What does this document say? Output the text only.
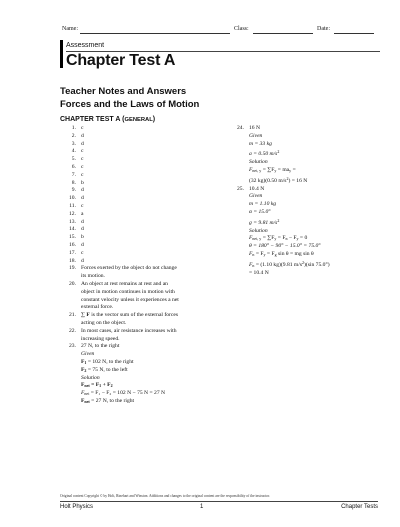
Name:	Class:	Date:
Assessment
Chapter Test A
Teacher Notes and Answers
Forces and the Laws of Motion
CHAPTER TEST A (GENERAL)
1. c
2. d
3. d
4. c
5. c
6. c
7. c
8. b
9. d
10. d
11. c
12. a
13. d
14. d
15. b
16. d
17. c
18. d
19. Forces exerted by the object do not change
its motion.
20. An object at rest remains at rest and an
object in motion continues in motion with
constant velocity unless it experiences a net
external force.
21. ∑ F is the vector sum of the external forces
acting on the object.
22. In most cases, air resistance increases with
increasing speed.
23. 27 N, to the right
Given
$F_1 = 102$ N, to the right
$F_2 = 75$ N, to the left
Solution
$F_{net} = F_1 + F_2$
$F_{net} = F_1 - F_2 = 102$ N − 75 N = 27 N
$F_{net} = 27$ N, to the right
24. 16 N
Given
m = 33 kg
a = 0.50 $m/s^2$
Solution
$F_{net, y} = \sum F_y = ma_y$ =
(32 kg)(0.50 $m/s^2) = 16$ N
25. 10.4 N
Given
m = 1.10 kg
α = 15.0°
g = 9.81 $m/s^2$
Solution
$F_{net, y} = \sum F_y = F_n - F_y = 0$
θ = 180° − 90° − 15.0° = 75.0°
$F_n = F_y = F_g$ sin θ = mg sin θ
$F_n = (1.10$ kg)(9.81 $m/s^2)(\sin$ 75.0°)
= 10.4 N
Original content Copyright © by Holt, Rinehart and Winston. Additions and changes to the original content are the responsibility of the instructor.
Holt Physics	1	Chapter Tests
